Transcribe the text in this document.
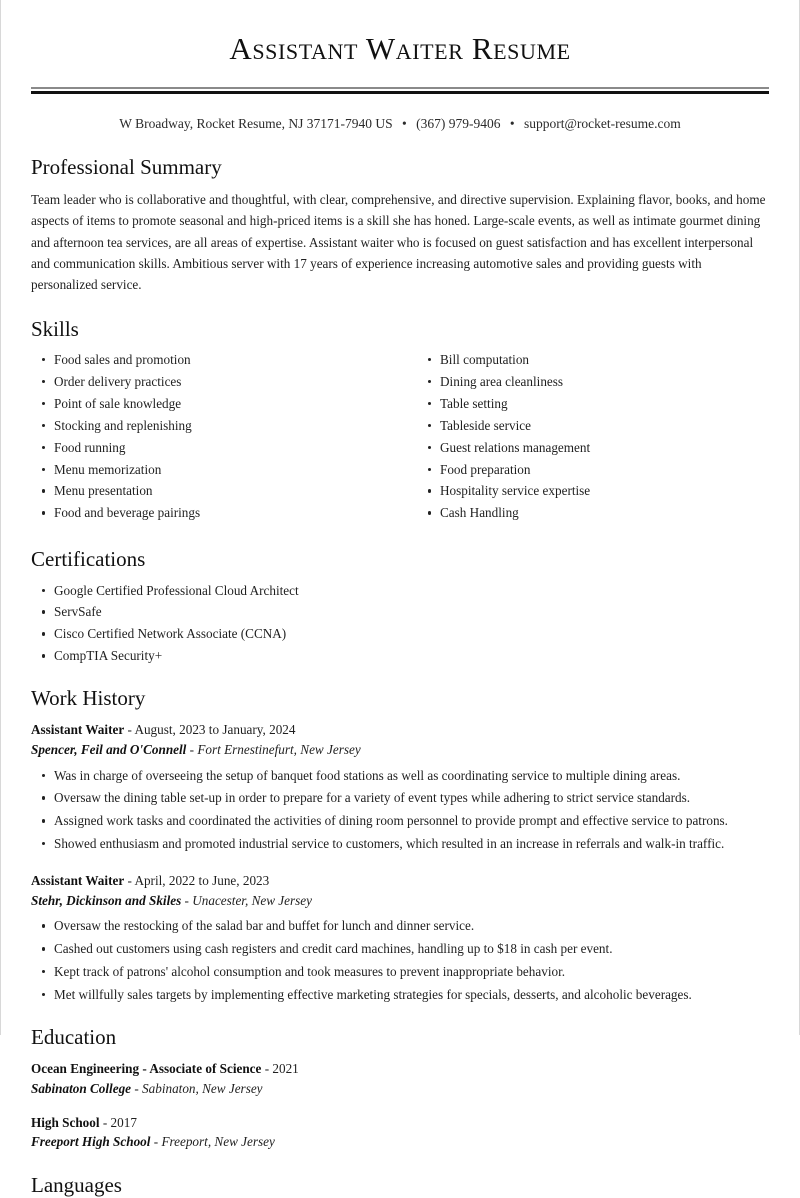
Assistant Waiter Resume
W Broadway, Rocket Resume, NJ 37171-7940 US • (367) 979-9406 • support@rocket-resume.com
Professional Summary

Team leader who is collaborative and thoughtful, with clear, comprehensive, and directive supervision. Explaining flavor, books, and home aspects of items to promote seasonal and high-priced items is a skill she has honed. Large-scale events, as well as intimate gourmet dining and afternoon tea services, are all areas of expertise. Assistant waiter who is focused on guest satisfaction and has excellent interpersonal and communication skills. Ambitious server with 17 years of experience increasing automotive sales and providing guests with personalized service.

Skills
Food sales and promotion
Order delivery practices
Point of sale knowledge
Stocking and replenishing
Food running
Menu memorization
Menu presentation
Food and beverage pairings
Bill computation
Dining area cleanliness
Table setting
Tableside service
Guest relations management
Food preparation
Hospitality service expertise
Cash Handling
Certifications
Google Certified Professional Cloud Architect
ServSafe
Cisco Certified Network Associate (CCNA)
CompTIA Security+
Work History
Assistant Waiter - August, 2023 to January, 2024
Spencer, Feil and O'Connell - Fort Ernestinefurt, New Jersey
Was in charge of overseeing the setup of banquet food stations as well as coordinating service to multiple dining areas.
Oversaw the dining table set-up in order to prepare for a variety of event types while adhering to strict service standards.
Assigned work tasks and coordinated the activities of dining room personnel to provide prompt and effective service to patrons.
Showed enthusiasm and promoted industrial service to customers, which resulted in an increase in referrals and walk-in traffic.
Assistant Waiter - April, 2022 to June, 2023
Stehr, Dickinson and Skiles - Unacester, New Jersey
Oversaw the restocking of the salad bar and buffet for lunch and dinner service.
Cashed out customers using cash registers and credit card machines, handling up to $18 in cash per event.
Kept track of patrons' alcohol consumption and took measures to prevent inappropriate behavior.
Met willfully sales targets by implementing effective marketing strategies for specials, desserts, and alcoholic beverages.
Education
Ocean Engineering - Associate of Science - 2021
Sabinaton College - Sabinaton, New Jersey
High School - 2017
Freeport High School - Freeport, New Jersey
Languages
